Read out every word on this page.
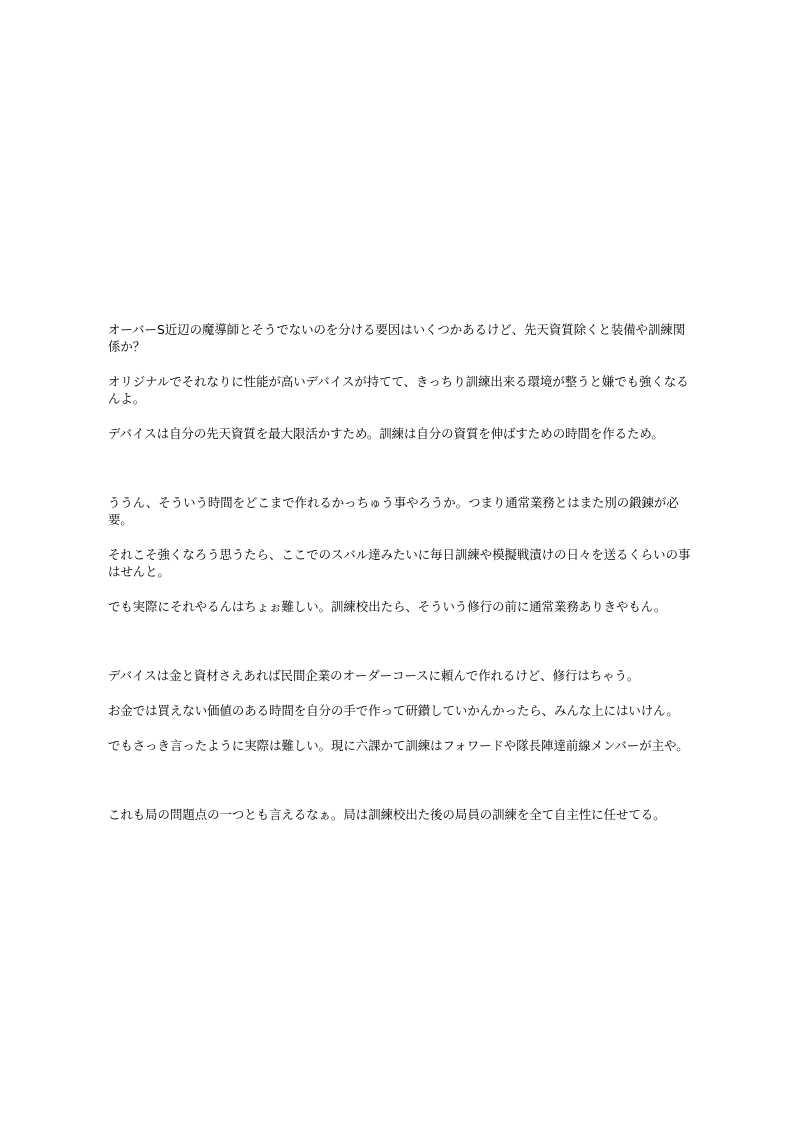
オーバーS近辺の魔導師とそうでないのを分ける要因はいくつかあるけど、先天資質除くと装備や訓練関係か？

オリジナルでそれなりに性能が高いデバイスが持てて、きっちり訓練出来る環境が整うと嫌でも強くなるんよ。

デバイスは自分の先天資質を最大限活かすため。訓練は自分の資質を伸ばすための時間を作るため。

ううん、そういう時間をどこまで作れるかっちゅう事やろうか。つまり通常業務とはまた別の鍛錬が必要。

それこそ強くなろう思うたら、ここでのスバル達みたいに毎日訓練や模擬戦漬けの日々を送るくらいの事はせんと。

でも実際にそれやるんはちょぉ難しい。訓練校出たら、そういう修行の前に通常業務ありきやもん。

デバイスは金と資材さえあれば民間企業のオーダーコースに頼んで作れるけど、修行はちゃう。

お金では買えない価値のある時間を自分の手で作って研鑚していかんかったら、みんな上にはいけん。

でもさっき言ったように実際は難しい。現に六課かて訓練はフォワードや隊長陣達前線メンバーが主や。

これも局の問題点の一つとも言えるなぁ。局は訓練校出た後の局員の訓練を全て自主性に任せてる。
